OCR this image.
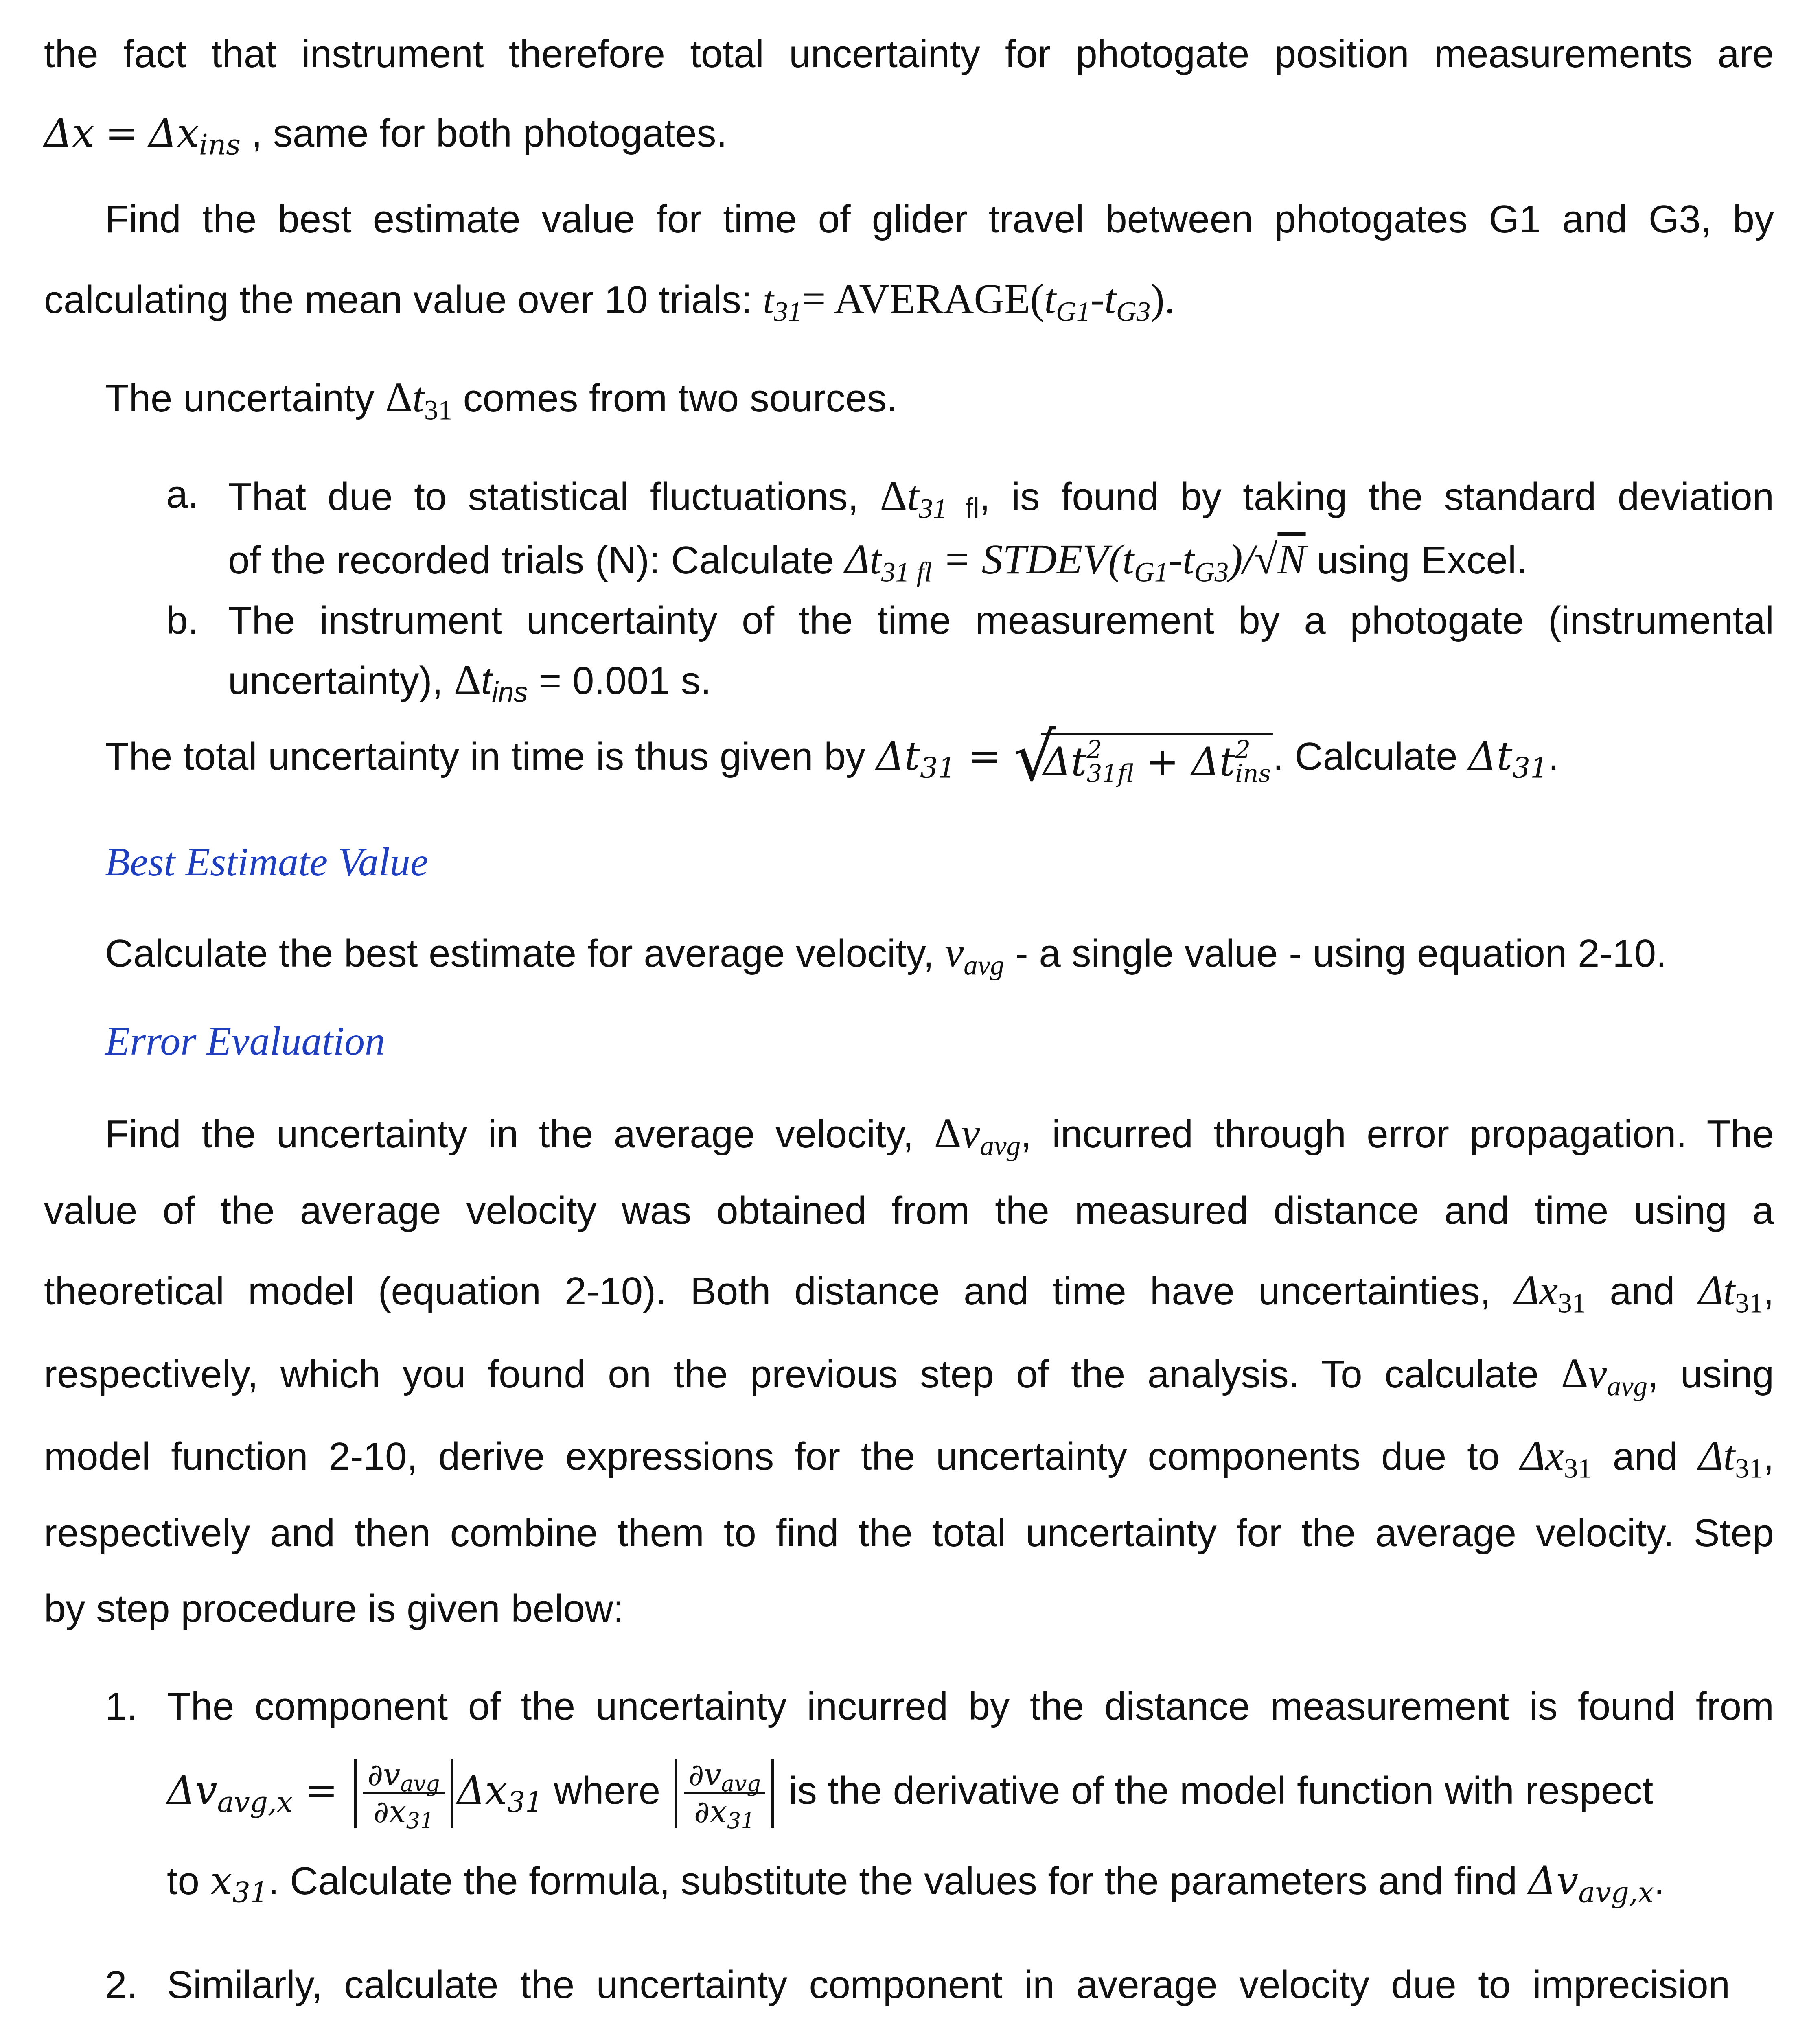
the fact that instrument therefore total uncertainty for photogate position measurements are
$\Delta x = \Delta x_{ins}$ , same for both photogates.
Find the best estimate value for time of glider travel between photogates G1 and G3, by
calculating the mean value over 10 trials: $t_{31}=$ $AVERAGE(t_{G1}-t_{G3})$.
The uncertainty $\Delta t_{31}$ comes from two sources.
a. That due to statistical fluctuations, $\Delta t_{31}$ $_{fl}$, is found by taking the standard deviation
of the recorded trials (N): Calculate $\Delta t_{31 fl}$ = $STDEV(t_{G1}-t_{G3})/√N$ using Excel.
b. The instrument uncertainty of the time measurement by a photogate (instrumental
uncertainty), $\Delta t_{ins} = 0.001$ s.
The total uncertainty in time is thus given by $\Delta t_{31}$ = √
Δt 2
31fl + Δt 2
ins . Calculate $\Delta t_{31}$.
Best Estimate Value
Calculate the best estimate for average velocity, $v_{avg}$ - a single value - using equation 2-10.
Error Evaluation
Find the uncertainty in the average velocity, $\Delta v_{avg}$, incurred through error propagation. The
value of the average velocity was obtained from the measured distance and time using a
theoretical model (equation 2-10). Both distance and time have uncertainties, $\Delta x_{31}$ and $\Delta t_{31}$,
respectively, which you found on the previous step of the analysis. To calculate $\Delta v_{avg}$, using
model function 2-10, derive expressions for the uncertainty components due to $\Delta x_{31}$ and $\Delta t_{31}$,
respectively and then combine them to find the total uncertainty for the average velocity. Step
by step procedure is given below:
1. The component of the uncertainty incurred by the distance measurement is found from
$\Delta v_{avg,x} = \frac{\partial v_{avg}}{\partial x_{31}} \Delta x_{31}$ where $\frac{\partial v_{avg}}{\partial x_{31}}$ is the derivative of the model function with respect
to $x_{31}$. Calculate the formula, substitute the values for the parameters and find $\Delta v_{avg,x}$.
2. Similarly, calculate the uncertainty component in average velocity due to imprecision
